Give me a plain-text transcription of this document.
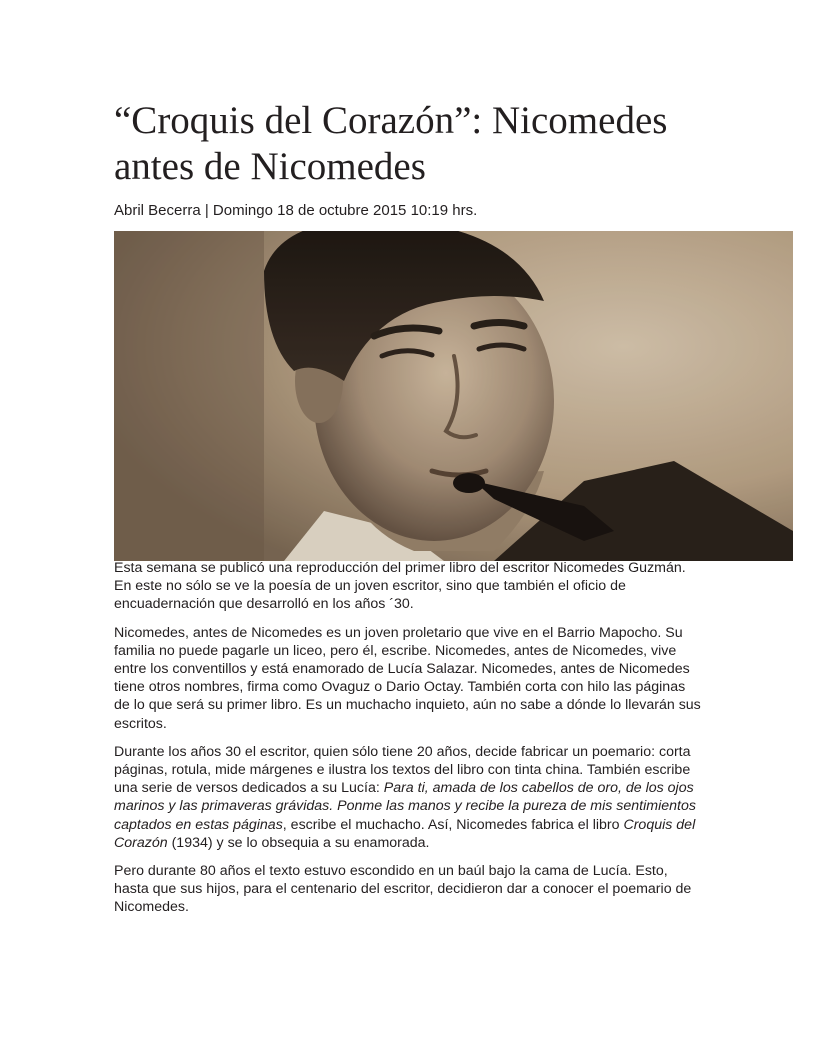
“Croquis del Corazón”: Nicomedes antes de Nicomedes
Abril Becerra | Domingo 18 de octubre 2015 10:19 hrs.

Esta semana se publicó una reproducción del primer libro del escritor Nicomedes Guzmán. En este no sólo se ve la poesía de un joven escritor, sino que también el oficio de encuadernación que desarrolló en los años ´30.

Nicomedes, antes de Nicomedes es un joven proletario que vive en el Barrio Mapocho. Su familia no puede pagarle un liceo, pero él, escribe. Nicomedes, antes de Nicomedes, vive entre los conventillos y está enamorado de Lucía Salazar. Nicomedes, antes de Nicomedes tiene otros nombres, firma como Ovaguz o Dario Octay. También corta con hilo las páginas de lo que será su primer libro. Es un muchacho inquieto, aún no sabe a dónde lo llevarán sus escritos.

Durante los años 30 el escritor, quien sólo tiene 20 años, decide fabricar un poemario: corta páginas, rotula, mide márgenes e ilustra los textos del libro con tinta china. También escribe una serie de versos dedicados a su Lucía: Para ti, amada de los cabellos de oro, de los ojos marinos y las primaveras grávidas. Ponme las manos y recibe la pureza de mis sentimientos captados en estas páginas, escribe el muchacho. Así, Nicomedes fabrica el libro Croquis del Corazón (1934) y se lo obsequia a su enamorada.

Pero durante 80 años el texto estuvo escondido en un baúl bajo la cama de Lucía. Esto, hasta que sus hijos, para el centenario del escritor, decidieron dar a conocer el poemario de Nicomedes.
